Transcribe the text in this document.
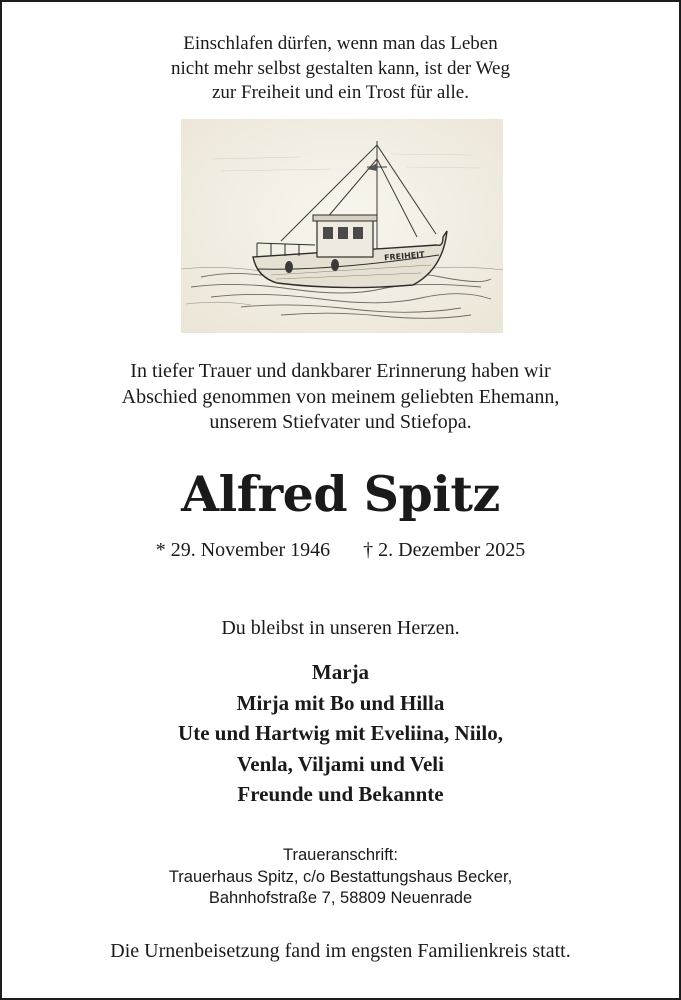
Einschlafen dürfen, wenn man das Leben
nicht mehr selbst gestalten kann, ist der Weg
zur Freiheit und ein Trost für alle.
FREIHEIT
In tiefer Trauer und dankbarer Erinnerung haben wir
Abschied genommen von meinem geliebten Ehemann,
unserem Stiefvater und Stiefopa.
Alfred Spitz
* 29. November 1946 † 2. Dezember 2025
Du bleibst in unseren Herzen.
Marja
Mirja mit Bo und Hilla
Ute und Hartwig mit Eveliina, Niilo,
Venla, Viljami und Veli
Freunde und Bekannte
Traueranschrift:
Trauerhaus Spitz, c/o Bestattungshaus Becker,
Bahnhofstraße 7, 58809 Neuenrade
Die Urnenbeisetzung fand im engsten Familienkreis statt.
